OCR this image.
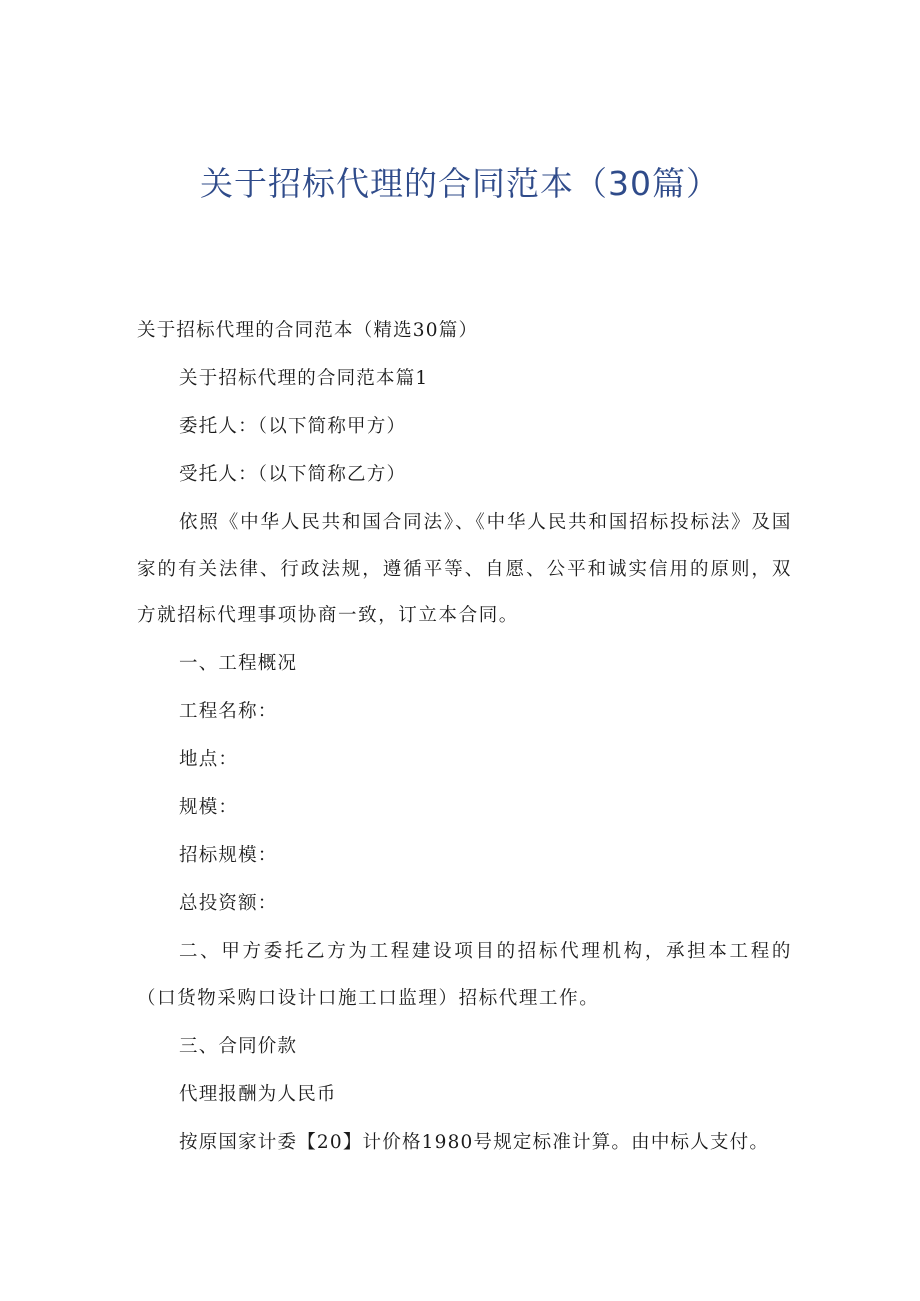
关于招标代理的合同范本（30篇）

关于招标代理的合同范本（精选30篇）

关于招标代理的合同范本篇1

委托人：（以下简称甲方）

受托人：（以下简称乙方）

依照《中华人民共和国合同法》、《中华人民共和国招标投标法》及国家的有关法律、行政法规，遵循平等、自愿、公平和诚实信用的原则，双方就招标代理事项协商一致，订立本合同。

一、工程概况

工程名称：

地点：

规模：

招标规模：

总投资额：

二、甲方委托乙方为工程建设项目的招标代理机构，承担本工程的（口货物采购口设计口施工口监理）招标代理工作。

三、合同价款

代理报酬为人民币

按原国家计委【20】计价格1980号规定标准计算。由中标人支付。
